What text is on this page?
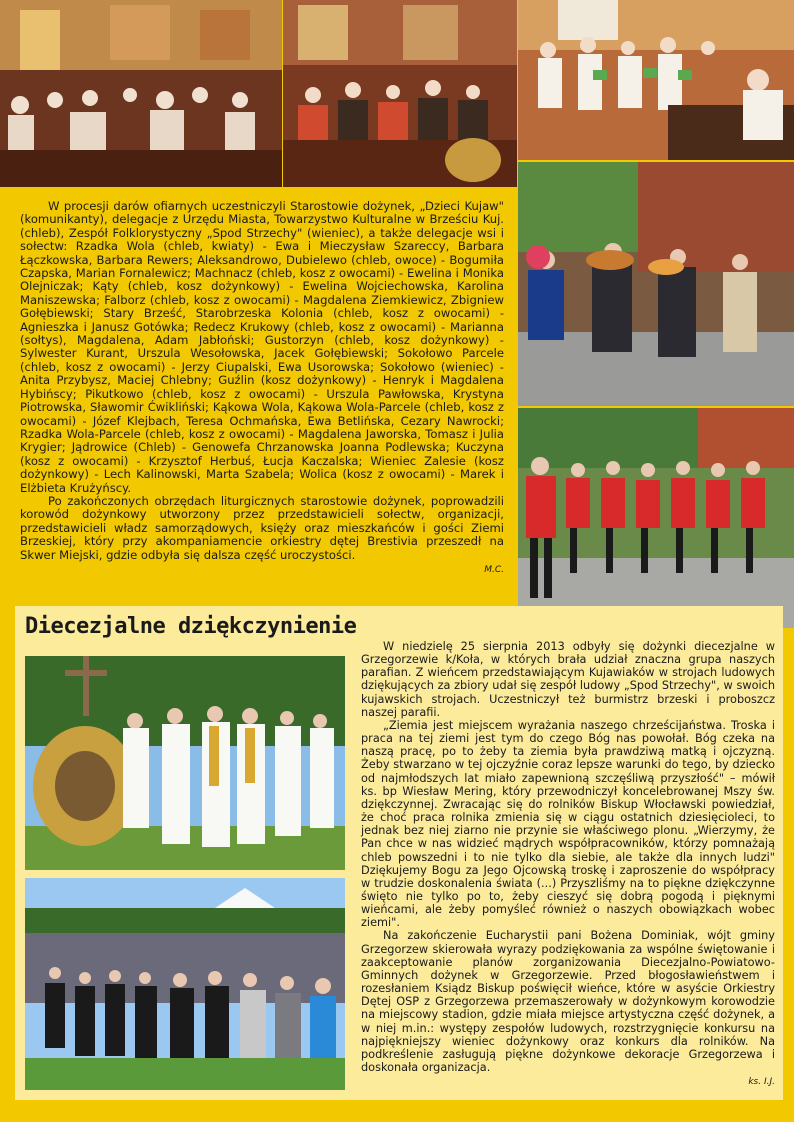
W procesji darów ofiarnych uczestniczyli Starostowie dożynek, „Dzieci Kujaw"(komunikanty), delegacje z Urzędu Miasta, Towarzystwo Kulturalne w Brześciu Kuj. (chleb), Zespół Folklorystyczny „Spod Strzechy" (wieniec), a także delegacje wsi i sołectw: Rzadka Wola (chleb, kwiaty) - Ewa i Mieczysław Szareccy, Barbara Łączkowska, Barbara Rewers; Aleksandrowo, Dubielewo (chleb, owoce) - Bogumiła Czapska, Marian Fornalewicz; Machnacz (chleb, kosz z owocami) - Ewelina i Monika Olejniczak; Kąty (chleb, kosz dożynkowy) - Ewelina Wojciechowska, Karolina Maniszewska; Falborz (chleb, kosz z owocami) - Magdalena Ziemkiewicz, Zbigniew Gołębiewski; Stary Brześć, Starobrzeska Kolonia (chleb, kosz z owocami) - Agnieszka i Janusz Gotówka; Redecz Krukowy (chleb, kosz z owocami) - Marianna (sołtys), Magdalena, Adam Jabłoński; Gustorzyn (chleb, kosz dożynkowy) - Sylwester Kurant, Urszula Wesołowska, Jacek Gołębiewski; Sokołowo Parcele (chleb, kosz z owocami) - Jerzy Ciupalski, Ewa Usorowska; Sokołowo (wieniec) - Anita Przybysz, Maciej Chlebny; Guźlin (kosz dożynkowy) - Henryk i Magdalena Hybińscy; Pikutkowo (chleb, kosz z owocami) - Urszula Pawłowska, Krystyna Piotrowska, Sławomir Ćwikliński; Kąkowa Wola, Kąkowa Wola-Parcele (chleb, kosz z owocami) - Józef Klejbach, Teresa Ochmańska, Ewa Betlińska, Cezary Nawrocki; Rzadka Wola-Parcele (chleb, kosz z owocami) - Magdalena Jaworska, Tomasz i Julia Krygier; Jądrowice (Chleb) - Genowefa Chrzanowska Joanna Podlewska; Kuczyna (kosz z owocami) - Krzysztof Herbuś, Łucja Kaczalska; Wieniec Zalesie (kosz dożynkowy) - Lech Kalinowski, Marta Szabela; Wolica (kosz z owocami) - Marek i Elżbieta Krużyńscy.

Po zakończonych obrzędach liturgicznych starostowie dożynek, poprowadzili korowód dożynkowy utworzony przez przedstawicieli sołectw, organizacji, przedstawicieli władz samorządowych, księży oraz mieszkańców i gości Ziemi Brzeskiej, który przy akompaniamencie orkiestry dętej Brestivia przeszedł na Skwer Miejski, gdzie odbyła się dalsza część uroczystości.

M.C.
Diecezjalne dziękczynienie

W niedzielę 25 sierpnia 2013 odbyły się dożynki diecezjalne w Grzegorzewie k/Koła, w których brała udział znaczna grupa naszych parafian. Z wieńcem przedstawiającym Kujawiaków w strojach ludowych dziękujących za zbiory udał się zespół ludowy „Spod Strzechy", w swoich kujawskich strojach. Uczestniczył też burmistrz brzeski i proboszcz naszej parafii.

„Ziemia jest miejscem wyrażania naszego chrześcijaństwa. Troska i praca na tej ziemi jest tym do czego Bóg nas powołał. Bóg czeka na naszą pracę, po to żeby ta ziemia była prawdziwą matką i ojczyzną. Żeby stwarzano w tej ojczyźnie coraz lepsze warunki do tego, by dziecko od najmłodszych lat miało zapewnioną szczęśliwą przyszłość" – mówił ks. bp Wiesław Mering, który przewodniczył koncelebrowanej Mszy św. dziękczynnej. Zwracając się do rolników Biskup Włocławski powiedział, że choć praca rolnika zmienia się w ciągu ostatnich dziesięcioleci, to jednak bez niej ziarno nie przynie sie właściwego plonu. „Wierzymy, że Pan chce w nas widzieć mądrych współpracowników, którzy pomnażają chleb powszedni i to nie tylko dla siebie, ale także dla innych ludzi" Dziękujemy Bogu za Jego Ojcowską troskę i zaproszenie do współpracy w trudzie doskonalenia świata (...) Przyszliśmy na to piękne dziękczynne święto nie tylko po to, żeby cieszyć się dobrą pogodą i pięknymi wieńcami, ale żeby pomyśleć również o naszych obowiązkach wobec ziemi".

Na zakończenie Eucharystii pani Bożena Dominiak, wójt gminy Grzegorzew skierowała wyrazy podziękowania za wspólne świętowanie i zaakceptowanie planów zorganizowania Diecezjalno-Powiatowo-Gminnych dożynek w Grzegorzewie. Przed błogosławieństwem i rozesłaniem Ksiądz Biskup poświęcił wieńce, które w asyście Orkiestry Dętej OSP z Grzegorzewa przemaszerowały w dożynkowym korowodzie na miejscowy stadion, gdzie miała miejsce artystyczna część dożynek, a w niej m.in.: występy zespołów ludowych, rozstrzygnięcie konkursu na najpiękniejszy wieniec dożynkowy oraz konkurs dla rolników. Na podkreślenie zasługują piękne dożynkowe dekoracje Grzegorzewa i doskonała organizacja.

ks. I.J.
